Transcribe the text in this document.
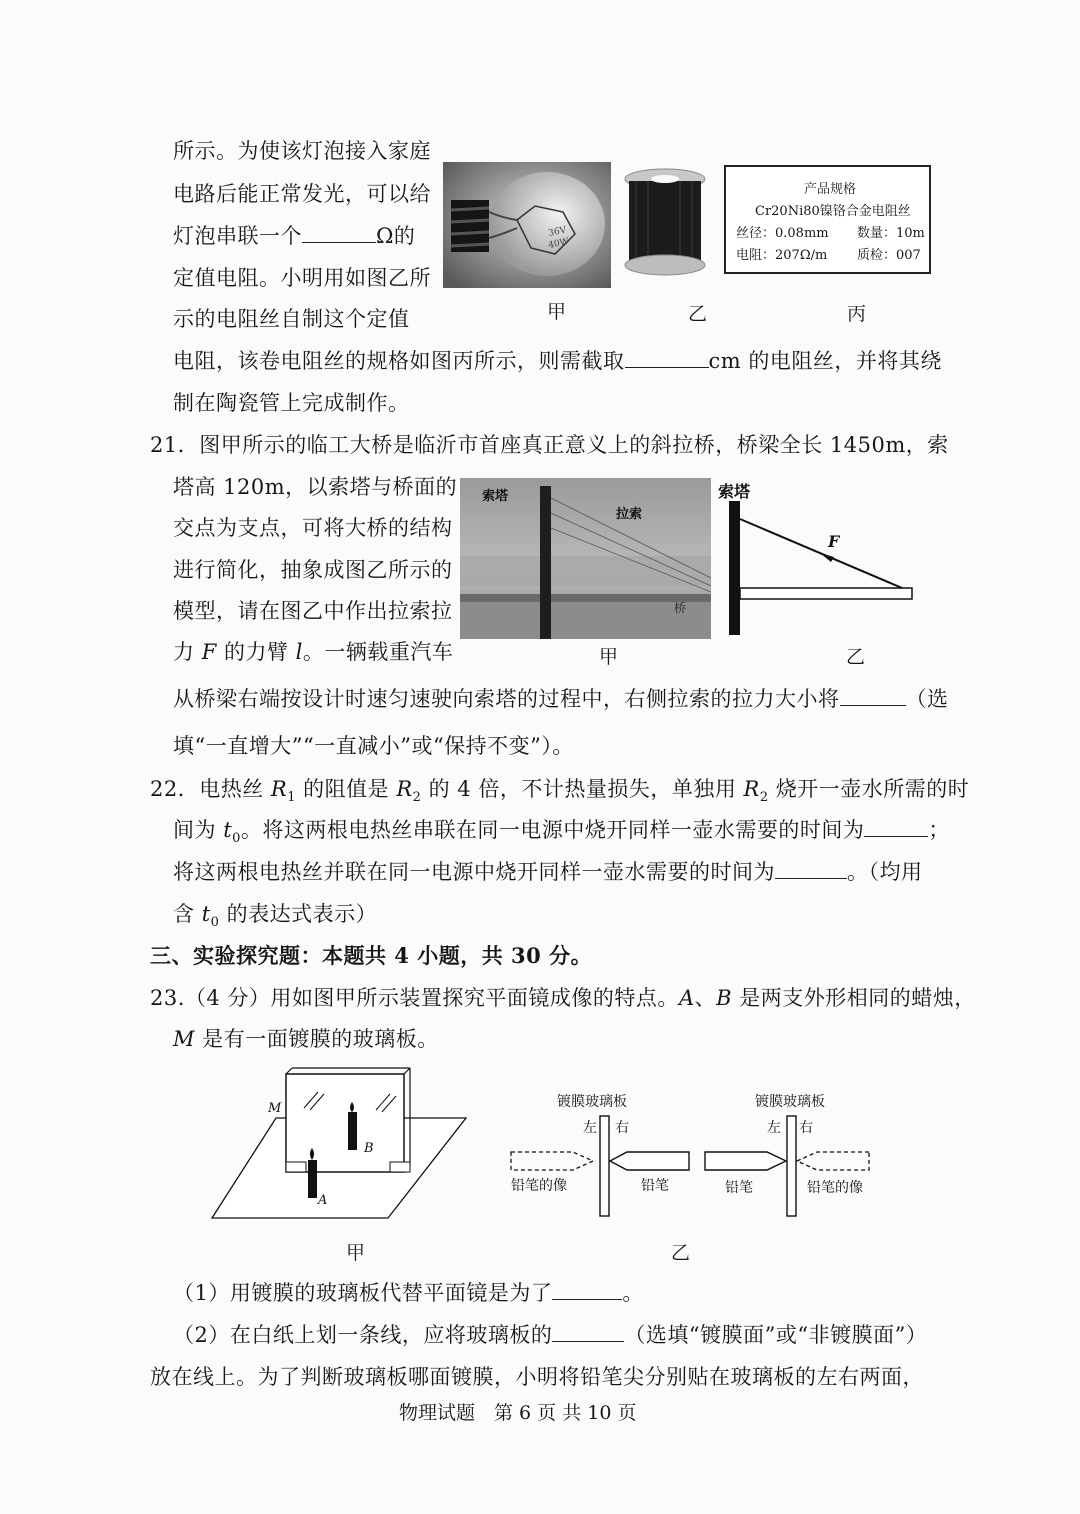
所示。为使该灯泡接入家庭
电路后能正常发光，可以给
灯泡串联一个	Ω的
定值电阻。小明用如图乙所
示的电阻丝自制这个定值
电阻，该卷电阻丝的规格如图丙所示，则需截取	cm 的电阻丝，并将其绕
制在陶瓷管上完成制作。
36V
40W
产品规格
Cr20Ni80镍铬合金电阻丝
丝径：0.08mm 数量：10m
电阻：207Ω/m 质检：007
甲	乙	丙
21．图甲所示的临工大桥是临沂市首座真正意义上的斜拉桥，桥梁全长 1450m，索
塔高 120m，以索塔与桥面的
交点为支点，可将大桥的结构
进行简化，抽象成图乙所示的
模型，请在图乙中作出拉索拉
力 F 的力臂 l。一辆载重汽车
从桥梁右端按设计时速匀速驶向索塔的过程中，右侧拉索的拉力大小将	（选
填“一直增大”“一直减小”或“保持不变”）。
索塔
拉索
桥
索塔
F
甲	乙
22．电热丝 $R_1$ 的阻值是 $R_2$ 的 4 倍，不计热量损失，单独用 $R_2$ 烧开一壶水所需的时
间为 $t_0$。将这两根电热丝串联在同一电源中烧开同样一壶水需要的时间为	；
将这两根电热丝并联在同一电源中烧开同样一壶水需要的时间为	。（均用
含 $t_0$ 的表达式表示）
三、实验探究题：本题共 4 小题，共 30 分。
23.（4 分）用如图甲所示装置探究平面镜成像的特点。A、B 是两支外形相同的蜡烛，
M 是有一面镀膜的玻璃板。
M
B
A
镀膜玻璃板
左 右
铅笔的像	铅笔
镀膜玻璃板
左 右
铅笔	铅笔的像
甲	乙
（1）用镀膜的玻璃板代替平面镜是为了	。
（2）在白纸上划一条线，应将玻璃板的	（选填“镀膜面”或“非镀膜面”）
放在线上。为了判断玻璃板哪面镀膜，小明将铅笔尖分别贴在玻璃板的左右两面，
物理试题　第 6 页 共 10 页
